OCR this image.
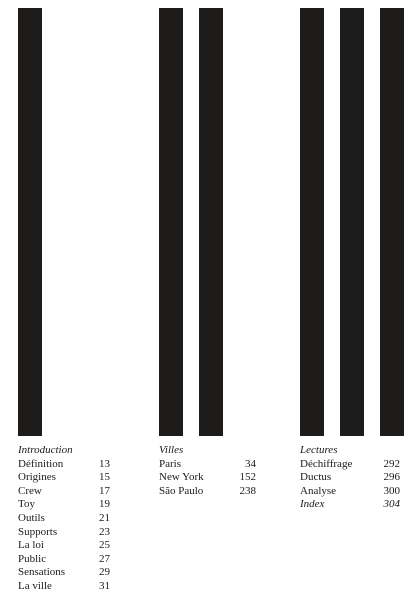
Introduction
Définition	13
Origines	15
Crew	17
Toy	19
Outils	21
Supports	23
La loi	25
Public	27
Sensations	29
La ville	31
Villes
Paris	34
New York	152
São Paulo	238
Lectures
Déchiffrage	292
Ductus	296
Analyse	300
Index	304
